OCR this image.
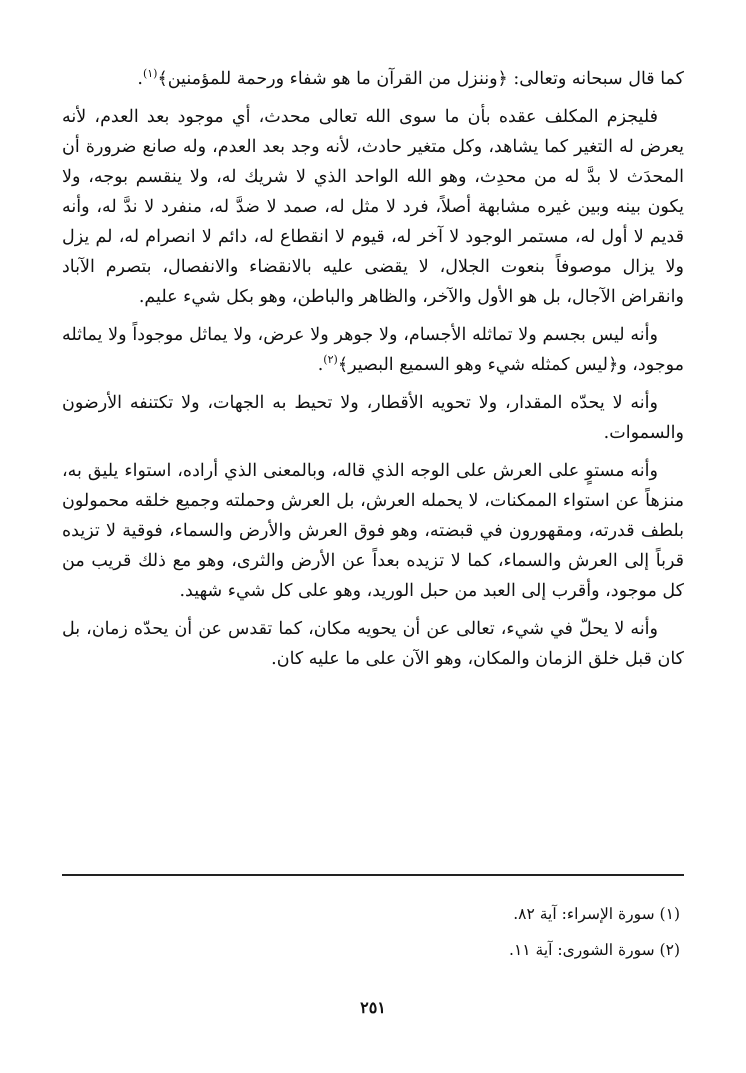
كما قال سبحانه وتعالى: ﴿وننزل من القرآن ما هو شفاء ورحمة للمؤمنين﴾$^{(١)}$.

فليجزم المكلف عقده بأن ما سوى الله تعالى محدث، أي موجود بعد العدم، لأنه يعرض له التغير كما يشاهد، وكل متغير حادث، لأنه وجد بعد العدم، وله صانع ضرورة أن المحدَث لا بدَّ له من محدِث، وهو الله الواحد الذي لا شريك له، ولا ينقسم بوجه، ولا يكون بينه وبين غيره مشابهة أصلاً، فرد لا مثل له، صمد لا ضدَّ له، منفرد لا ندَّ له، وأنه قديم لا أول له، مستمر الوجود لا آخر له، قيوم لا انقطاع له، دائم لا انصرام له، لم يزل ولا يزال موصوفاً بنعوت الجلال، لا يقضى عليه بالانقضاء والانفصال، بتصرم الآباد وانقراض الآجال، بل هو الأول والآخر، والظاهر والباطن، وهو بكل شيء عليم.

وأنه ليس بجسم ولا تماثله الأجسام، ولا جوهر ولا عرض، ولا يماثل موجوداً ولا يماثله موجود، و﴿ليس كمثله شيء وهو السميع البصير﴾$^{(٢)}$.

وأنه لا يحدّه المقدار، ولا تحويه الأقطار، ولا تحيط به الجهات، ولا تكتنفه الأرضون والسموات.

وأنه مستوٍ على العرش على الوجه الذي قاله، وبالمعنى الذي أراده، استواء يليق به، منزهاً عن استواء الممكنات، لا يحمله العرش، بل العرش وحملته وجميع خلقه محمولون بلطف قدرته، ومقهورون في قبضته، وهو فوق العرش والأرض والسماء، فوقية لا تزيده قرباً إلى العرش والسماء، كما لا تزيده بعداً عن الأرض والثرى، وهو مع ذلك قريب من كل موجود، وأقرب إلى العبد من حبل الوريد، وهو على كل شيء شهيد.

وأنه لا يحلّ في شيء، تعالى عن أن يحويه مكان، كما تقدس عن أن يحدّه زمان، بل كان قبل خلق الزمان والمكان، وهو الآن على ما عليه كان.

(١) سورة الإسراء: آية ٨٢.

(٢) سورة الشورى: آية ١١.

٢٥١
